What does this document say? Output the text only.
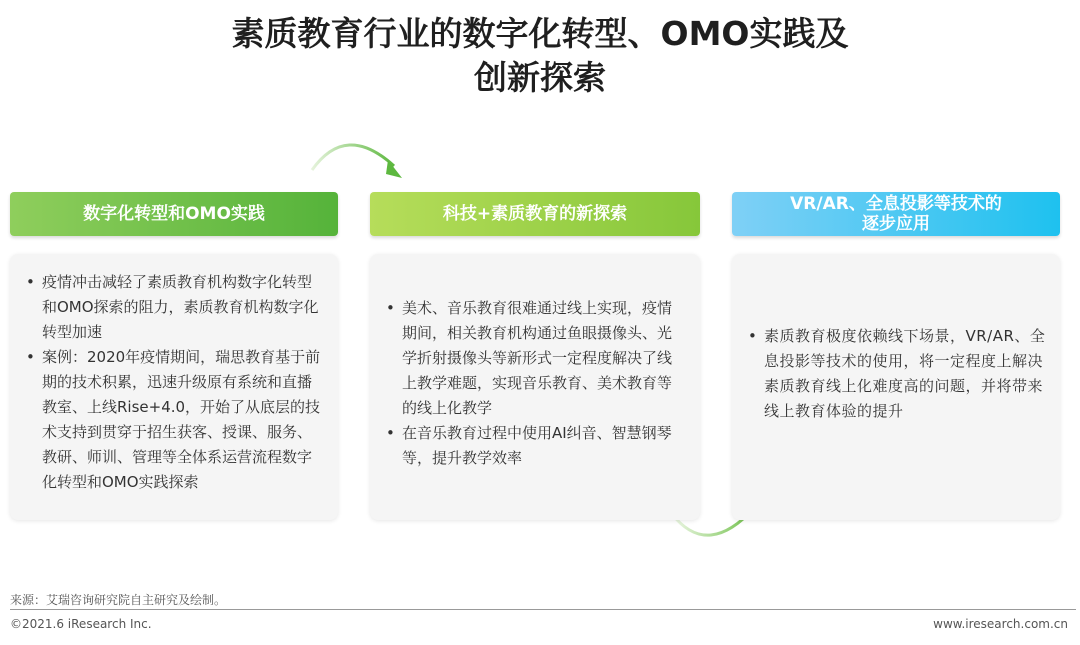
素质教育行业的数字化转型、OMO实践及
创新探索
数字化转型和OMO实践	科技+素质教育的新探索	VR/AR、全息投影等技术的
逐步应用
• 疫情冲击减轻了素质教育机构数字化转型和OMO探索的阻力，素质教育机构数字化转型加速
• 案例：2020年疫情期间，瑞思教育基于前期的技术积累，迅速升级原有系统和直播教室、上线Rise+4.0，开始了从底层的技术支持到贯穿于招生获客、授课、服务、教研、师训、管理等全体系运营流程数字化转型和OMO实践探索
• 美术、音乐教育很难通过线上实现，疫情期间，相关教育机构通过鱼眼摄像头、光学折射摄像头等新形式一定程度解决了线上教学难题，实现音乐教育、美术教育等的线上化教学
• 在音乐教育过程中使用AI纠音、智慧钢琴等，提升教学效率
• 素质教育极度依赖线下场景，VR/AR、全息投影等技术的使用，将一定程度上解决素质教育线上化难度高的问题，并将带来线上教育体验的提升
来源：艾瑞咨询研究院自主研究及绘制。
©2021.6 iResearch Inc.	www.iresearch.com.cn
